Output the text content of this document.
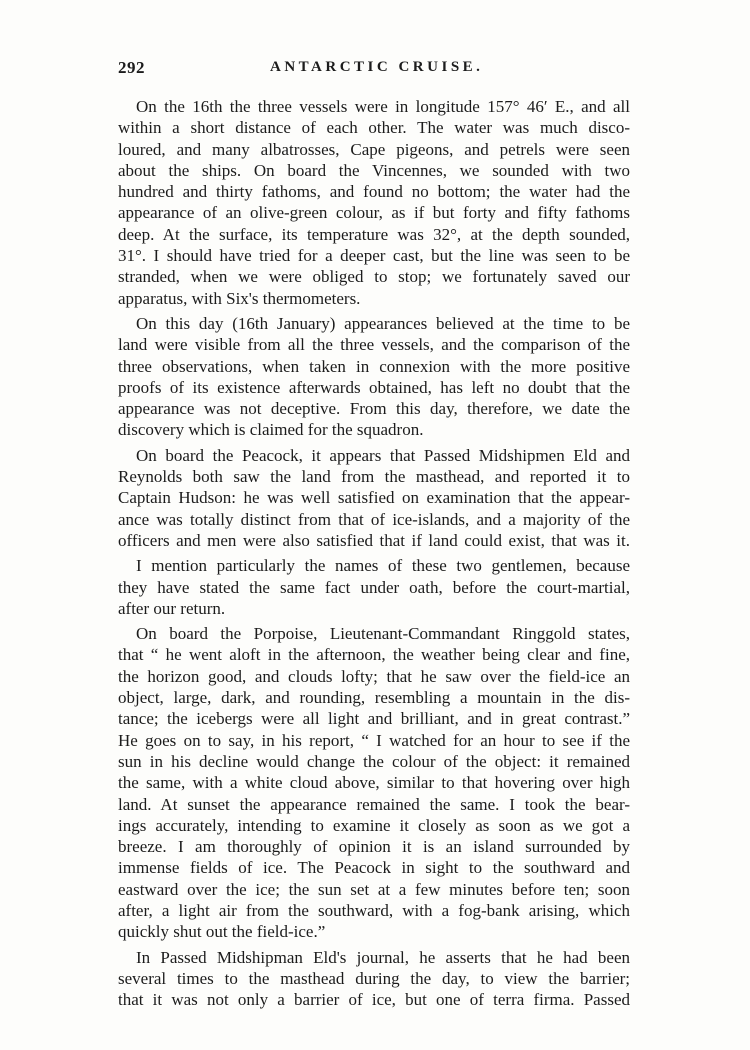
292	ANTARCTIC CRUISE.
On the 16th the three vessels were in longitude 157° 46′ E., and all
within a short distance of each other. The water was much disco-
loured, and many albatrosses, Cape pigeons, and petrels were seen
about the ships. On board the Vincennes, we sounded with two
hundred and thirty fathoms, and found no bottom; the water had the
appearance of an olive-green colour, as if but forty and fifty fathoms
deep. At the surface, its temperature was 32°, at the depth sounded,
31°. I should have tried for a deeper cast, but the line was seen to be
stranded, when we were obliged to stop; we fortunately saved our
apparatus, with Six's thermometers.
On this day (16th January) appearances believed at the time to be
land were visible from all the three vessels, and the comparison of the
three observations, when taken in connexion with the more positive
proofs of its existence afterwards obtained, has left no doubt that the
appearance was not deceptive. From this day, therefore, we date the
discovery which is claimed for the squadron.
On board the Peacock, it appears that Passed Midshipmen Eld and
Reynolds both saw the land from the masthead, and reported it to
Captain Hudson: he was well satisfied on examination that the appear-
ance was totally distinct from that of ice-islands, and a majority of the
officers and men were also satisfied that if land could exist, that was it.
I mention particularly the names of these two gentlemen, because
they have stated the same fact under oath, before the court-martial,
after our return.
On board the Porpoise, Lieutenant-Commandant Ringgold states,
that “ he went aloft in the afternoon, the weather being clear and fine,
the horizon good, and clouds lofty; that he saw over the field-ice an
object, large, dark, and rounding, resembling a mountain in the dis-
tance; the icebergs were all light and brilliant, and in great contrast.”
He goes on to say, in his report, “ I watched for an hour to see if the
sun in his decline would change the colour of the object: it remained
the same, with a white cloud above, similar to that hovering over high
land. At sunset the appearance remained the same. I took the bear-
ings accurately, intending to examine it closely as soon as we got a
breeze. I am thoroughly of opinion it is an island surrounded by
immense fields of ice. The Peacock in sight to the southward and
eastward over the ice; the sun set at a few minutes before ten; soon
after, a light air from the southward, with a fog-bank arising, which
quickly shut out the field-ice.”
In Passed Midshipman Eld's journal, he asserts that he had been
several times to the masthead during the day, to view the barrier;
that it was not only a barrier of ice, but one of terra firma. Passed
